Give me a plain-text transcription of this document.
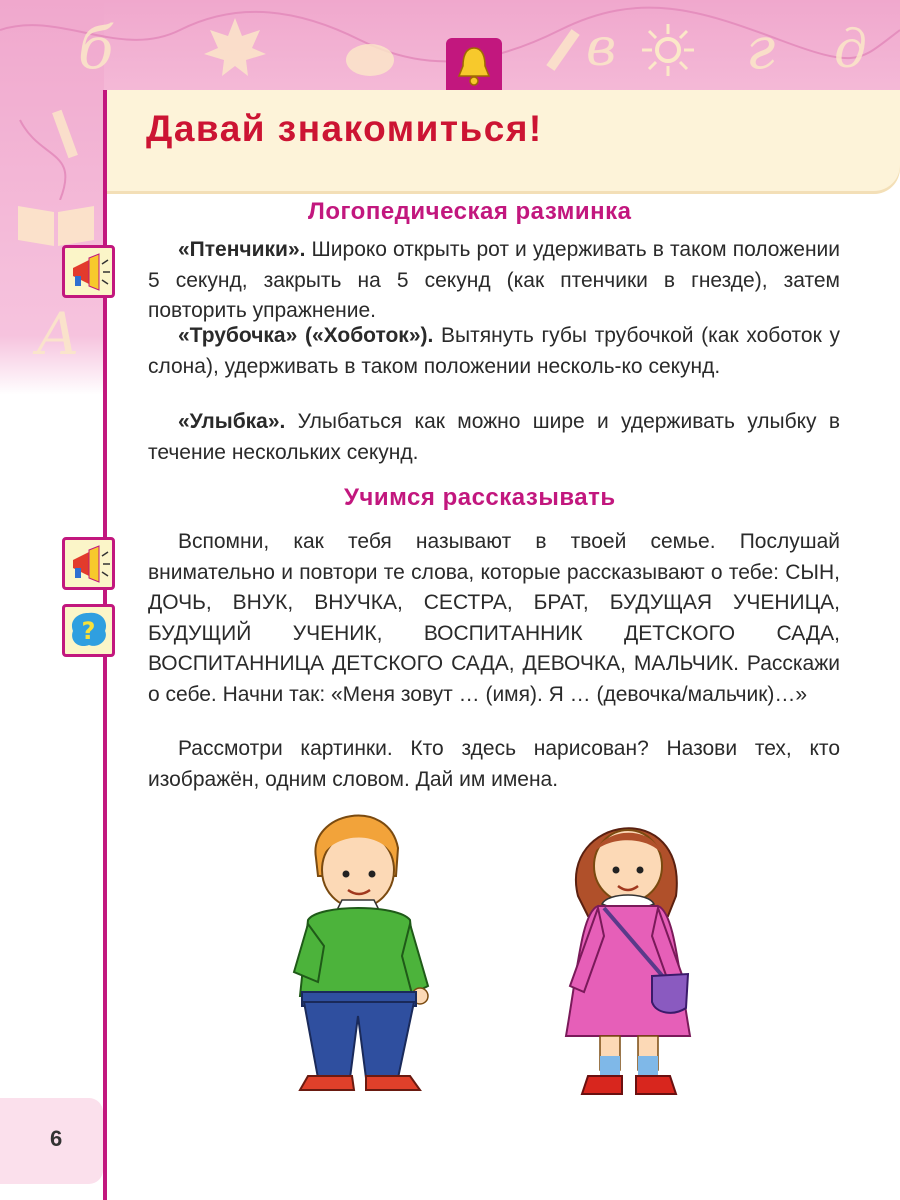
б	в г д
А
Давай знакомиться!
Логопедическая разминка

«Птенчики». Широко открыть рот и удерживать в таком положении 5 секунд, закрыть на 5 секунд (как птенчики в гнезде), затем повторить упражнение.

«Трубочка» («Хоботок»). Вытянуть губы трубочкой (как хоботок у слона), удерживать в таком положении несколь-ко секунд.

«Улыбка». Улыбаться как можно шире и удерживать улыбку в течение нескольких секунд.

Учимся рассказывать
?

Вспомни, как тебя называют в твоей семье. Послушай внимательно и повтори те слова, которые рассказывают о тебе: СЫН, ДОЧЬ, ВНУК, ВНУЧКА, СЕСТРА, БРАТ, БУДУЩАЯ УЧЕНИЦА, БУДУЩИЙ УЧЕНИК, ВОСПИТАННИК ДЕТСКОГО САДА, ВОСПИТАННИЦА ДЕТСКОГО САДА, ДЕВОЧКА, МАЛЬЧИК. Расскажи о себе. Начни так: «Меня зовут … (имя). Я … (девочка/мальчик)…»

Рассмотри картинки. Кто здесь нарисован? Назови тех, кто изображён, одним словом. Дай им имена.

6
